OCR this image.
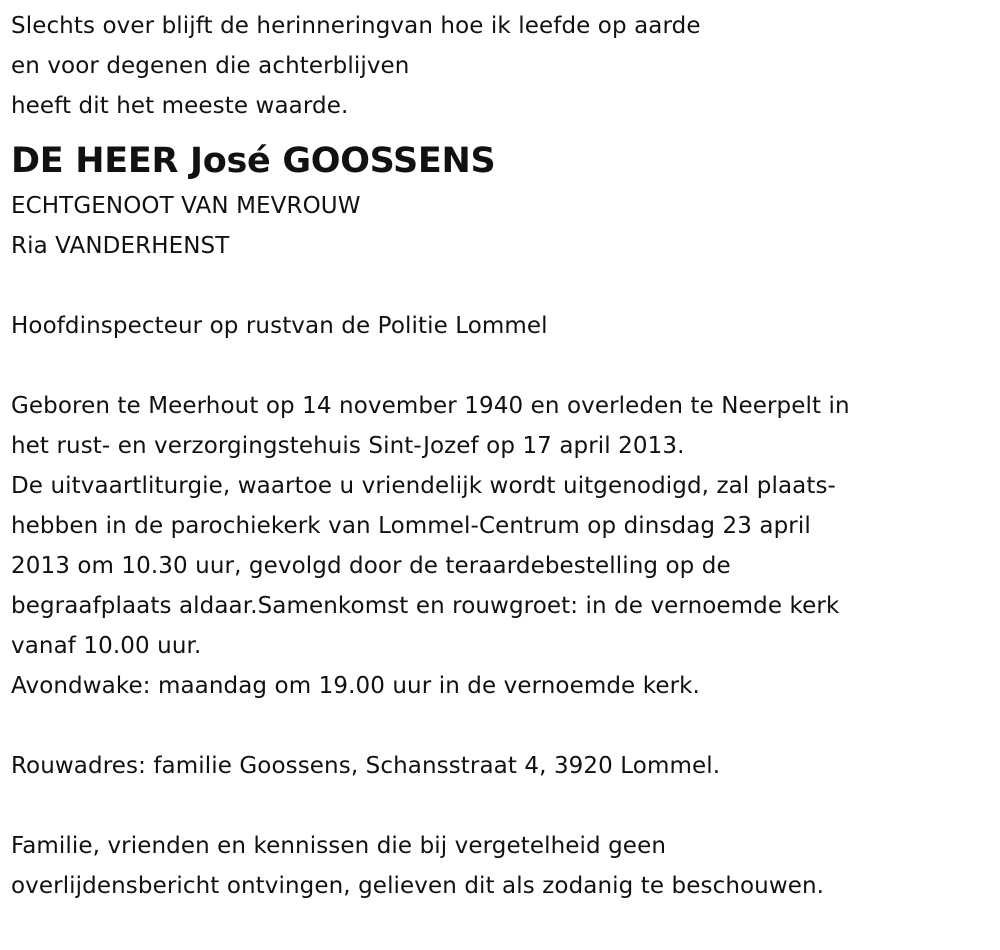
Slechts over blijft de herinneringvan hoe ik leefde op aarde
en voor degenen die achterblijven
heeft dit het meeste waarde.
DE HEER José GOOSSENS
ECHTGENOOT VAN MEVROUW
Ria VANDERHENST
Hoofdinspecteur op rustvan de Politie Lommel
Geboren te Meerhout op 14 november 1940 en overleden te Neerpelt in
het rust- en verzorgingstehuis Sint-Jozef op 17 april 2013.
De uitvaartliturgie, waartoe u vriendelijk wordt uitgenodigd, zal plaats-
hebben in de parochiekerk van Lommel-Centrum op dinsdag 23 april
2013 om 10.30 uur, gevolgd door de teraardebestelling op de
begraafplaats aldaar.Samenkomst en rouwgroet: in de vernoemde kerk
vanaf 10.00 uur.
Avondwake: maandag om 19.00 uur in de vernoemde kerk.
Rouwadres: familie Goossens, Schansstraat 4, 3920 Lommel.
Familie, vrienden en kennissen die bij vergetelheid geen
overlijdensbericht ontvingen, gelieven dit als zodanig te beschouwen.
